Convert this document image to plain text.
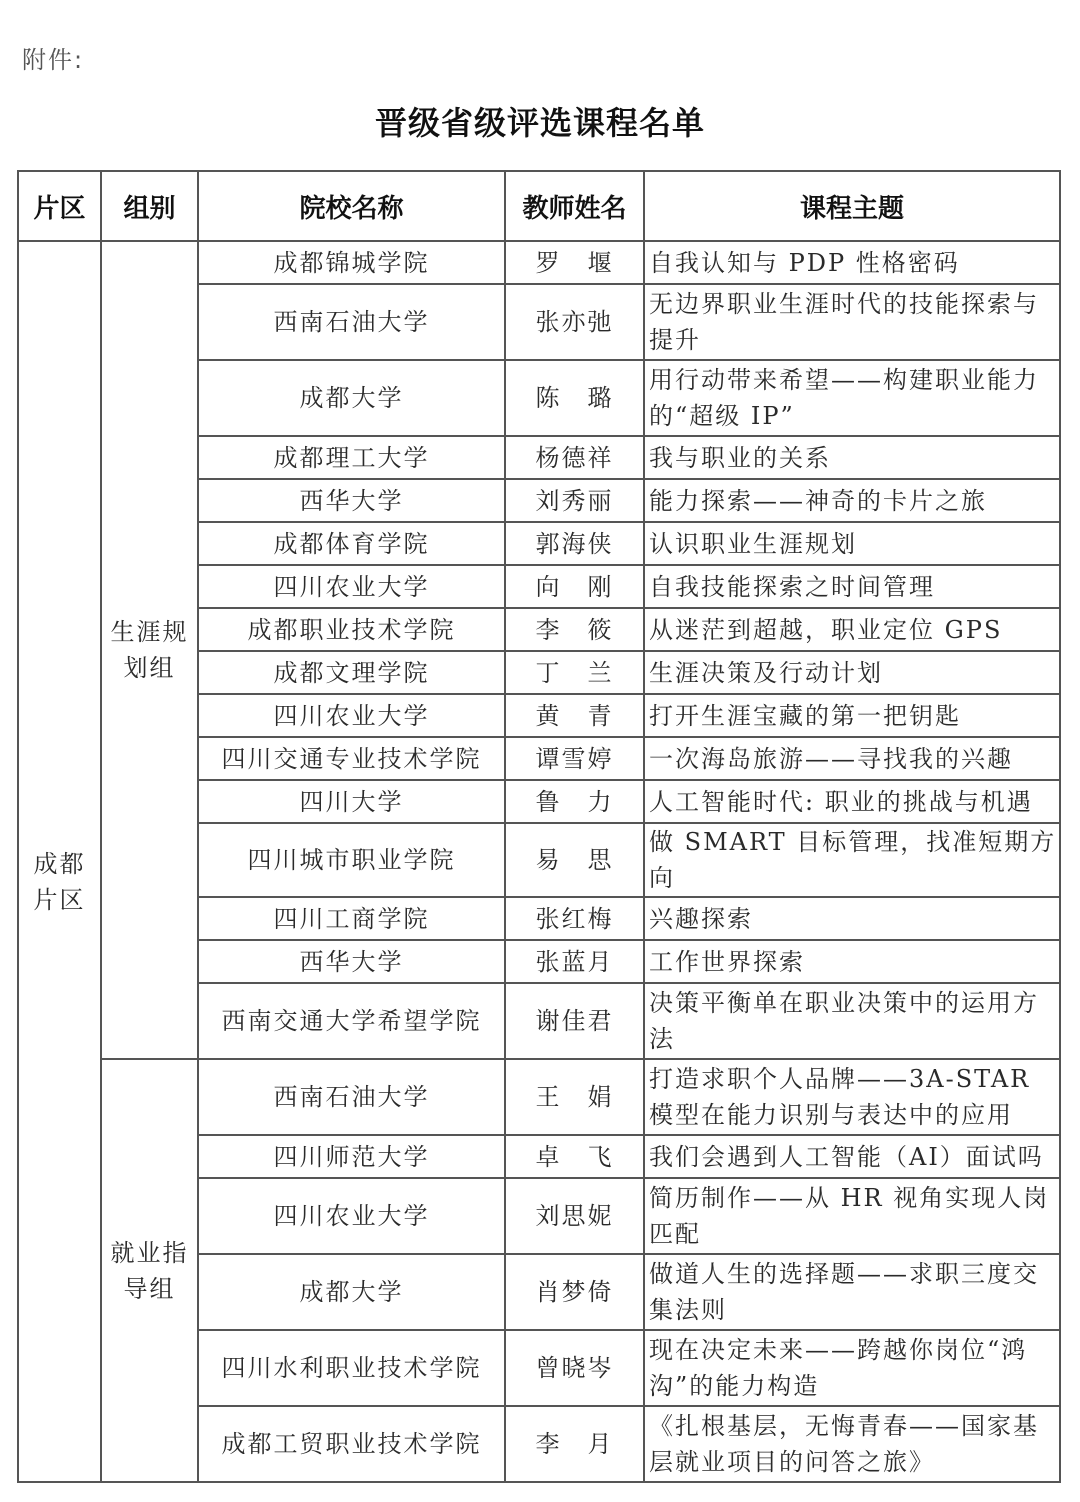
附件:
晋级省级评选课程名单
片区	组别	院校名称	教师姓名	课程主题
成都片区	生涯规划组	成都锦城学院	罗　堰	自我认知与 PDP 性格密码
		西南石油大学	张亦弛	无边界职业生涯时代的技能探索与提升
		成都大学	陈　璐	用行动带来希望——构建职业能力的“超级 IP”
		成都理工大学	杨德祥	我与职业的关系
		西华大学	刘秀丽	能力探索——神奇的卡片之旅
		成都体育学院	郭海侠	认识职业生涯规划
		四川农业大学	向　刚	自我技能探索之时间管理
		成都职业技术学院	李　筱	从迷茫到超越，职业定位 GPS
		成都文理学院	丁　兰	生涯决策及行动计划
		四川农业大学	黄　青	打开生涯宝藏的第一把钥匙
		四川交通专业技术学院	谭雪婷	一次海岛旅游——寻找我的兴趣
		四川大学	鲁　力	人工智能时代: 职业的挑战与机遇
		四川城市职业学院	易　思	做 SMART 目标管理，找准短期方向
		四川工商学院	张红梅	兴趣探索
		西华大学	张蓝月	工作世界探索
		西南交通大学希望学院	谢佳君	决策平衡单在职业决策中的运用方法
	就业指导组	西南石油大学	王　娟	打造求职个人品牌——3A-STAR 模型在能力识别与表达中的应用
		四川师范大学	卓　飞	我们会遇到人工智能（AI）面试吗
		四川农业大学	刘思妮	简历制作——从 HR 视角实现人岗匹配
		成都大学	肖梦倚	做道人生的选择题——求职三度交集法则
		四川水利职业技术学院	曾晓岑	现在决定未来——跨越你岗位“鸿沟”的能力构造
		成都工贸职业技术学院	李　月	《扎根基层，无悔青春——国家基层就业项目的问答之旅》
